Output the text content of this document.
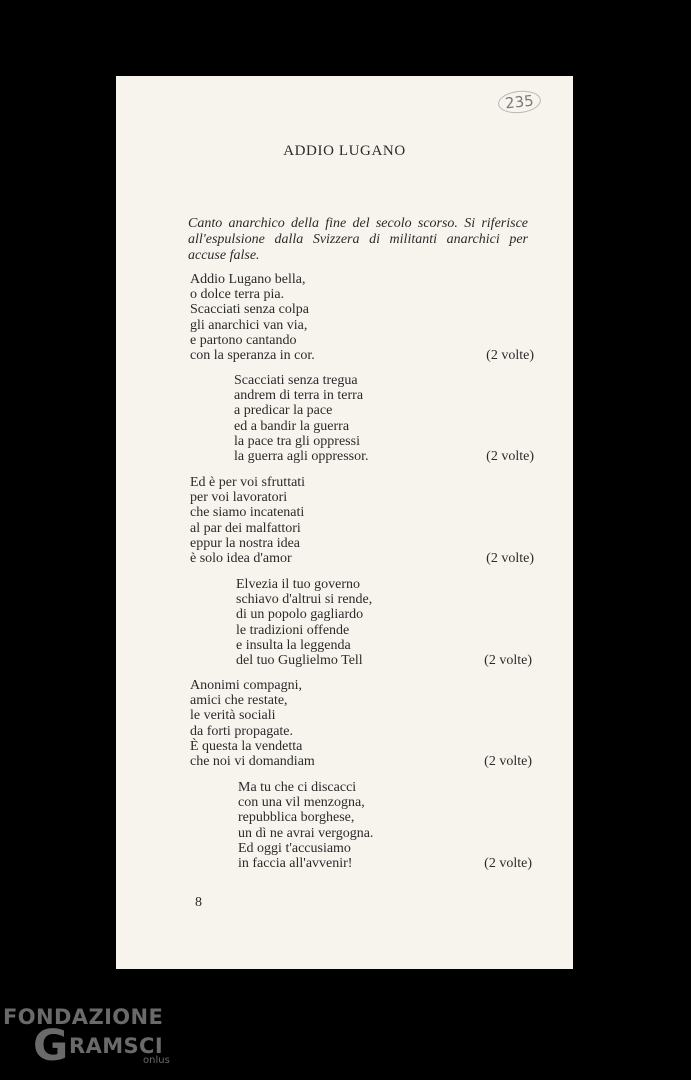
235
ADDIO LUGANO
Canto anarchico della fine del secolo scorso. Si riferisce all'espulsione dalla Svizzera di militanti anarchici per accuse false.
Addio Lugano bella,
o dolce terra pia.
Scacciati senza colpa
gli anarchici van via,
e partono cantando
con la speranza in cor.	(2 volte)
Scacciati senza tregua
andrem di terra in terra
a predicar la pace
ed a bandir la guerra
la pace tra gli oppressi
la guerra agli oppressor.	(2 volte)
Ed è per voi sfruttati
per voi lavoratori
che siamo incatenati
al par dei malfattori
eppur la nostra idea
è solo idea d'amor	(2 volte)
Elvezia il tuo governo
schiavo d'altrui si rende,
di un popolo gagliardo
le tradizioni offende
e insulta la leggenda
del tuo Guglielmo Tell	(2 volte)
Anonimi compagni,
amici che restate,
le verità sociali
da forti propagate.
È questa la vendetta
che noi vi domandiam	(2 volte)
Ma tu che ci discacci
con una vil menzogna,
repubblica borghese,
un dì ne avrai vergogna.
Ed oggi t'accusiamo
in faccia all'avvenir!	(2 volte)
8
FONDAZIONE
G RAMSCI
onlus
